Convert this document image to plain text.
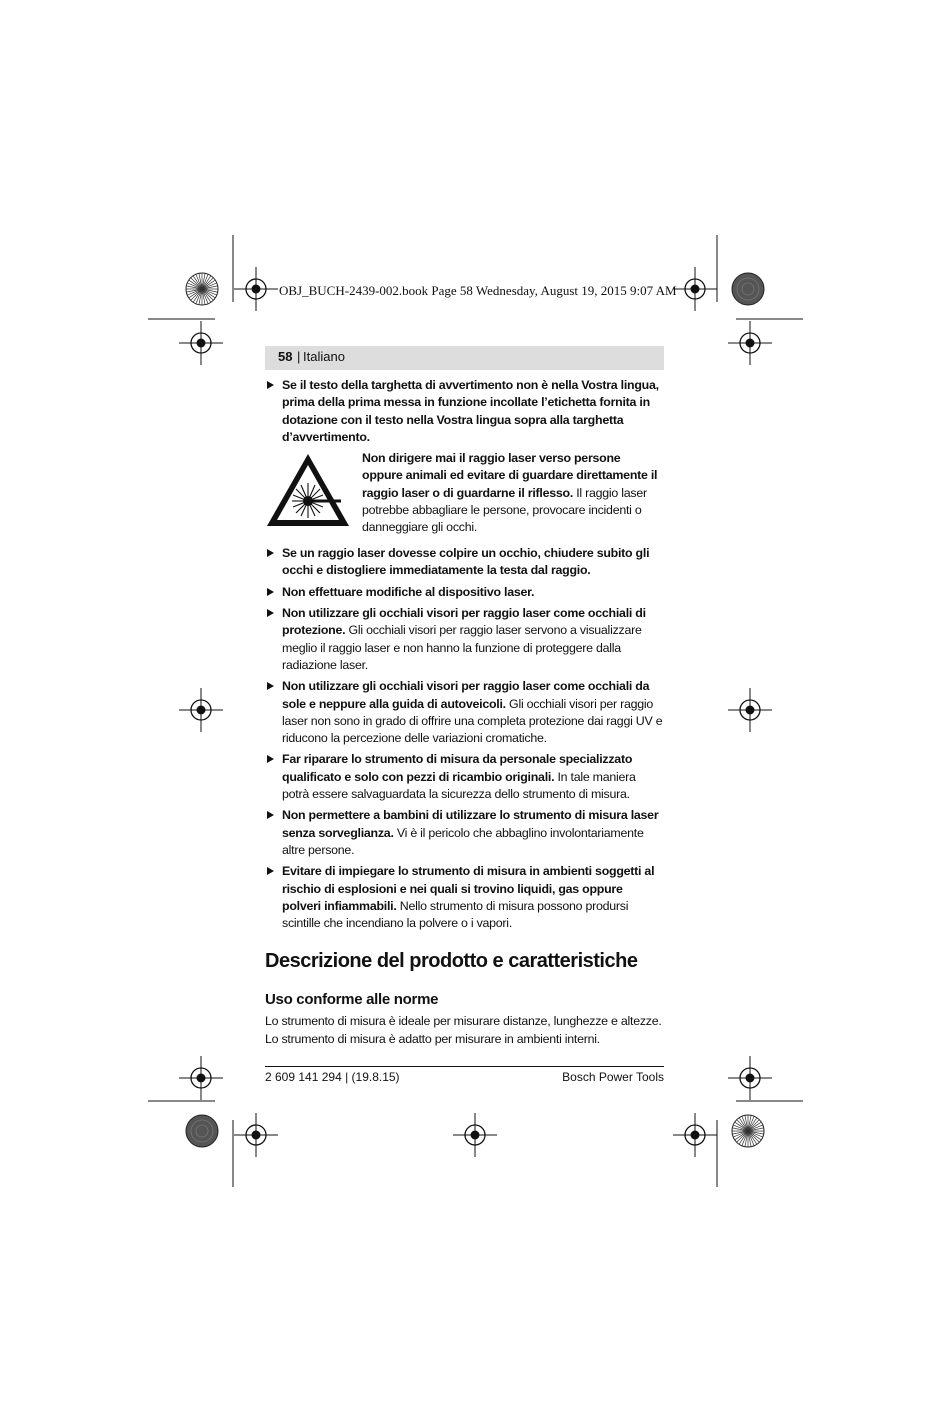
OBJ_BUCH-2439-002.book Page 58 Wednesday, August 19, 2015 9:07 AM
58 | Italiano
Se il testo della targhetta di avvertimento non è nella Vostra lingua, prima della prima messa in funzione incollate l’etichetta fornita in dotazione con il testo nella Vostra lingua sopra alla targhetta d’avvertimento.
Non dirigere mai il raggio laser verso persone oppure animali ed evitare di guardare direttamente il raggio laser o di guardarne il riflesso. Il raggio laser potrebbe abbagliare le persone, provocare incidenti o danneggiare gli occhi.
Se un raggio laser dovesse colpire un occhio, chiudere subito gli occhi e distogliere immediatamente la testa dal raggio.
Non effettuare modifiche al dispositivo laser.
Non utilizzare gli occhiali visori per raggio laser come occhiali di protezione. Gli occhiali visori per raggio laser servono a visualizzare meglio il raggio laser e non hanno la funzione di proteggere dalla radiazione laser.
Non utilizzare gli occhiali visori per raggio laser come occhiali da sole e neppure alla guida di autoveicoli. Gli occhiali visori per raggio laser non sono in grado di offrire una completa protezione dai raggi UV e riducono la percezione delle variazioni cromatiche.
Far riparare lo strumento di misura da personale specializzato qualificato e solo con pezzi di ricambio originali. In tale maniera potrà essere salvaguardata la sicurezza dello strumento di misura.
Non permettere a bambini di utilizzare lo strumento di misura laser senza sorveglianza. Vi è il pericolo che abbaglino involontariamente altre persone.
Evitare di impiegare lo strumento di misura in ambienti soggetti al rischio di esplosioni e nei quali si trovino liquidi, gas oppure polveri infiammabili. Nello strumento di misura possono prodursi scintille che incendiano la polvere o i vapori.
Descrizione del prodotto e caratteristiche
Uso conforme alle norme

Lo strumento di misura è ideale per misurare distanze, lunghezze e altezze. Lo strumento di misura è adatto per misurare in ambienti interni.

2 609 141 294 | (19.8.15)	Bosch Power Tools
